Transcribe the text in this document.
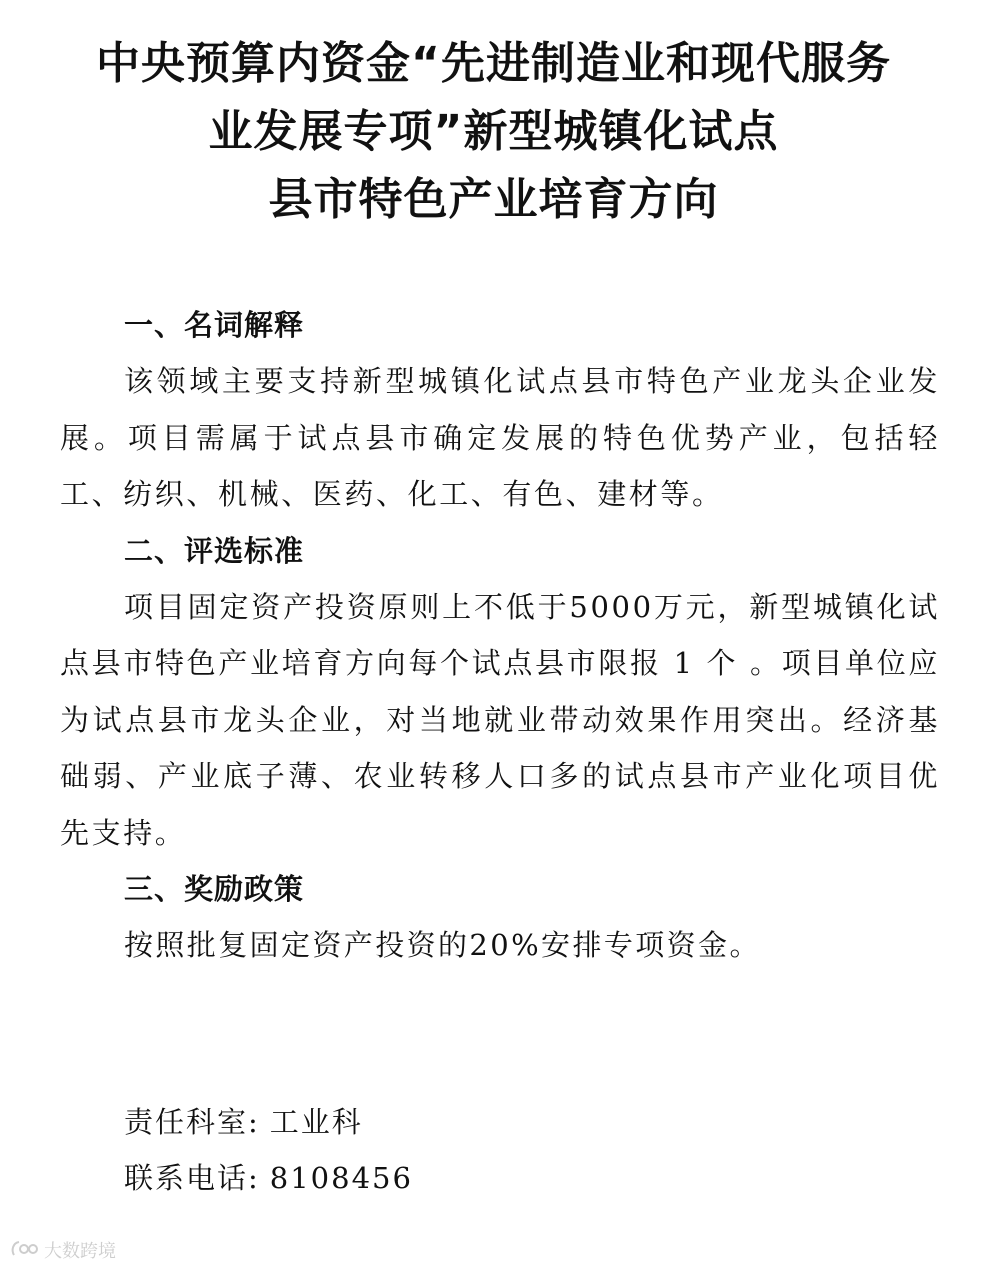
中央预算内资金“先进制造业和现代服务
业发展专项”新型城镇化试点
县市特色产业培育方向
一、名词解释

该领域主要支持新型城镇化试点县市特色产业龙头企业发展。项目需属于试点县市确定发展的特色优势产业，包括轻工、纺织、机械、医药、化工、有色、建材等。

二、评选标准

项目固定资产投资原则上不低于5000万元，新型城镇化试点县市特色产业培育方向每个试点县市限报 1 个 。项目单位应为试点县市龙头企业，对当地就业带动效果作用突出。经济基础弱、产业底子薄、农业转移人口多的试点县市产业化项目优先支持。

三、奖励政策

按照批复固定资产投资的20%安排专项资金。

责任科室: 工业科
联系电话: 8108456
大数跨境
